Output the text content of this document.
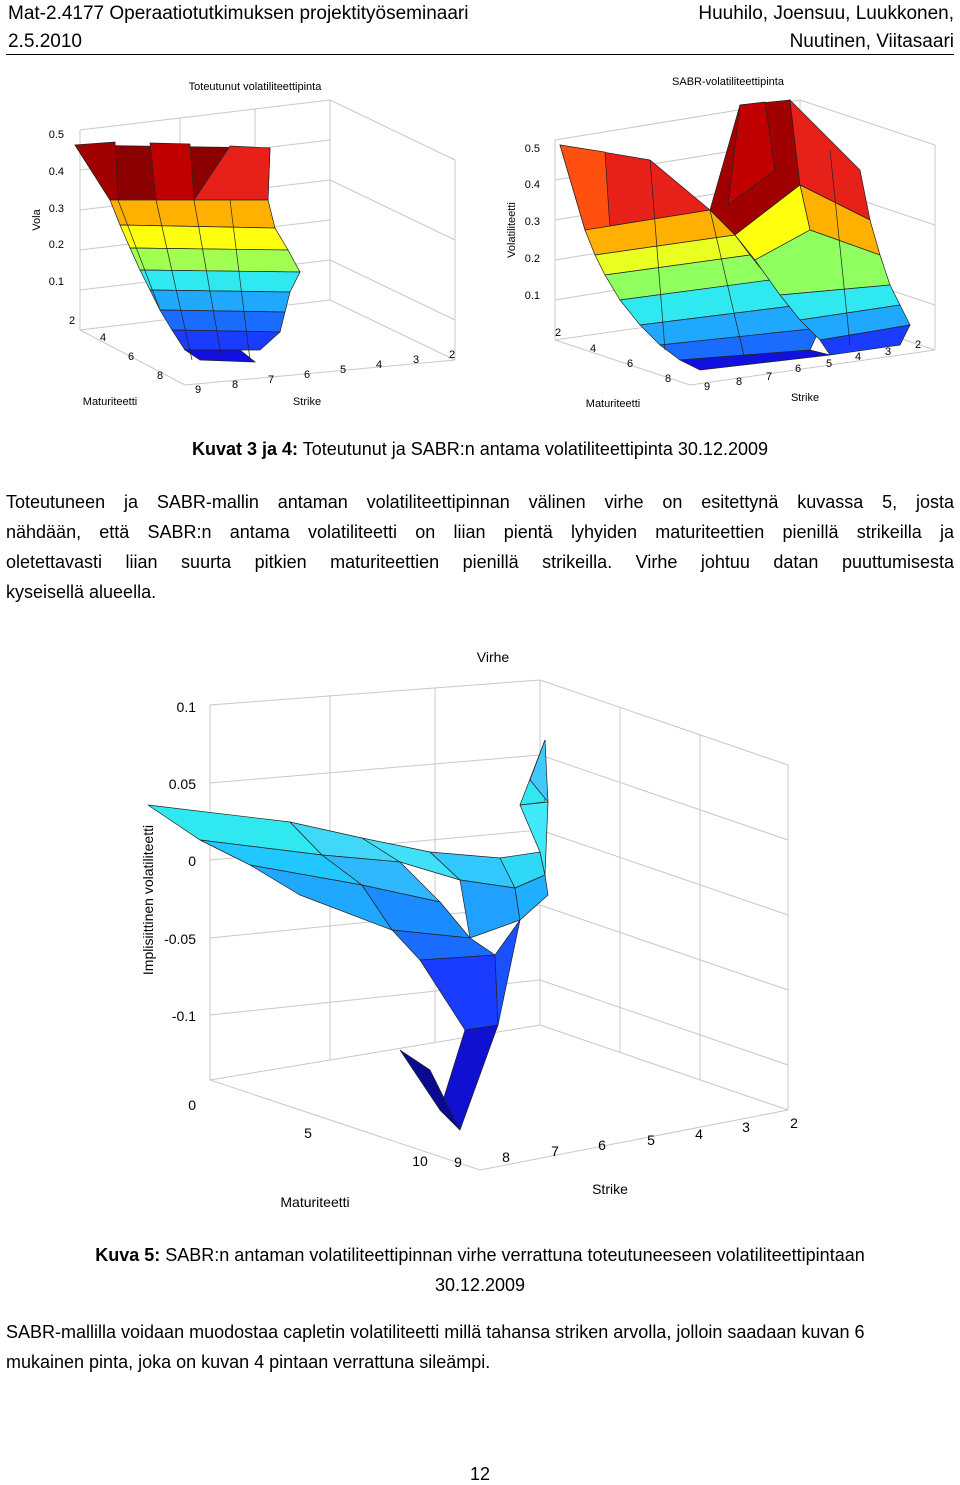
Mat-2.4177 Operaatiotutkimuksen projektityöseminaari
2.5.2010
Huuhilo, Joensuu, Luukkonen,
Nuutinen, Viitasaari
Toteutunut volatiliteettipinta
0.5
0.4
0.3
0.2
0.1
Vola
2
4
6
8
9	8	7	6	5	4	3	2
Maturiteetti	Strike
SABR-volatiliteettipinta
0.5
0.4
0.3
0.2
0.1
Volatiliteetti
2
4
6
8
9 8 7
6 5
4 3
2
Maturiteetti	Strike
Kuvat 3 ja 4: Toteutunut ja SABR:n antama volatiliteettipinta 30.12.2009
Toteutuneen ja SABR-mallin antaman volatiliteettipinnan välinen virhe on esitettynä kuvassa 5, josta
nähdään, että SABR:n antama volatiliteetti on liian pientä lyhyiden maturiteettien pienillä strikeilla ja
oletettavasti liian suurta pitkien maturiteettien pienillä strikeilla. Virhe johtuu datan puuttumisesta
kyseisellä alueella.
Virhe
0.1
0.05
0
-0.05
-0.1
0
Implisiittinen volatiliteetti
5
10 9	8	7	6	5	4	3	2
Maturiteetti
Strike
Kuva 5: SABR:n antaman volatiliteettipinnan virhe verrattuna toteutuneeseen volatiliteettipintaan
30.12.2009
SABR-mallilla voidaan muodostaa capletin volatiliteetti millä tahansa striken arvolla, jolloin saadaan kuvan 6
mukainen pinta, joka on kuvan 4 pintaan verrattuna sileämpi.
12
